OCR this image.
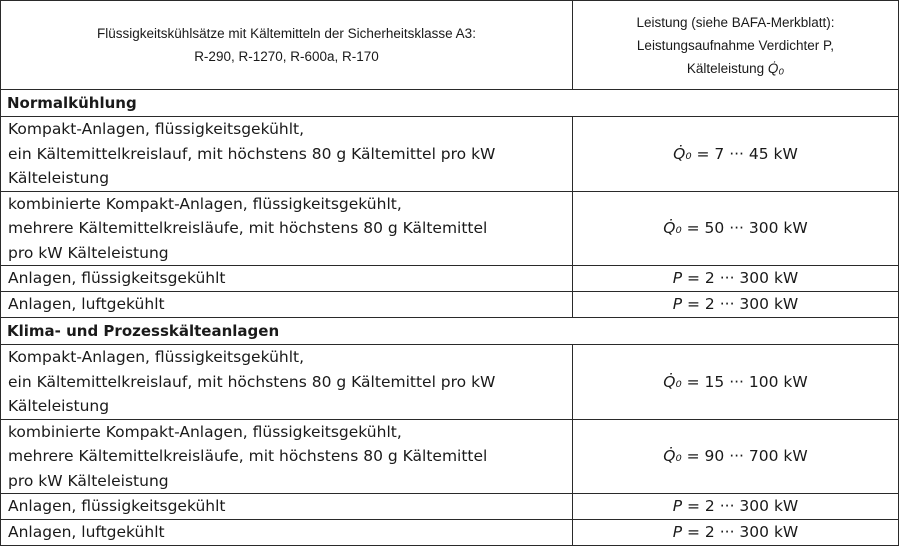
Flüssigkeitskühlsätze mit Kältemitteln der Sicherheitsklasse A3:
R-290, R-1270, R-600a, R-170	Leistung (siehe BAFA-Merkblatt):
Leistungsaufnahme Verdichter P,
Kälteleistung Q̇₀
Normalkühlung	

Kompakt-Anlagen, flüssigkeitsgekühlt,
ein Kältemittelkreislauf, mit höchstens 80 g Kältemittel pro kW
Kälteleistung	Q̇₀ = 7 ··· 45 kW

kombinierte Kompakt-Anlagen, flüssigkeitsgekühlt,
mehrere Kältemittelkreisläufe, mit höchstens 80 g Kältemittel
pro kW Kälteleistung	Q̇₀ = 50 ··· 300 kW

Anlagen, flüssigkeitsgekühlt	P = 2 ··· 300 kW

Anlagen, luftgekühlt	P = 2 ··· 300 kW
Klima- und Prozesskälteanlagen	

Kompakt-Anlagen, flüssigkeitsgekühlt,
ein Kältemittelkreislauf, mit höchstens 80 g Kältemittel pro kW
Kälteleistung	Q̇₀ = 15 ··· 100 kW

kombinierte Kompakt-Anlagen, flüssigkeitsgekühlt,
mehrere Kältemittelkreisläufe, mit höchstens 80 g Kältemittel
pro kW Kälteleistung	Q̇₀ = 90 ··· 700 kW

Anlagen, flüssigkeitsgekühlt	P = 2 ··· 300 kW

Anlagen, luftgekühlt	P = 2 ··· 300 kW
